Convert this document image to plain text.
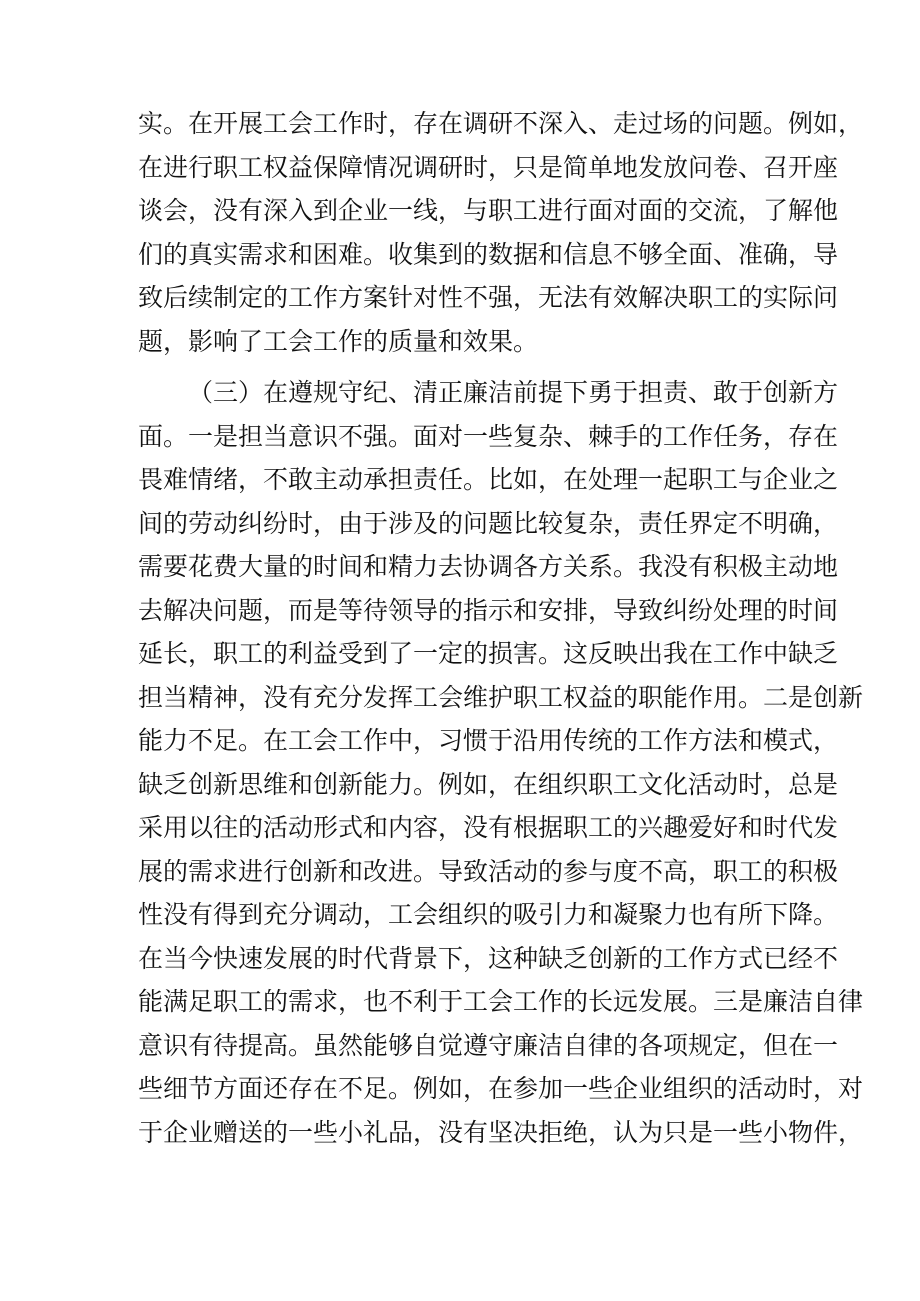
实。在开展工会工作时，存在调研不深入、走过场的问题。例如，
在进行职工权益保障情况调研时，只是简单地发放问卷、召开座
谈会，没有深入到企业一线，与职工进行面对面的交流，了解他
们的真实需求和困难。收集到的数据和信息不够全面、准确，导
致后续制定的工作方案针对性不强，无法有效解决职工的实际问
题，影响了工会工作的质量和效果。
（三）在遵规守纪、清正廉洁前提下勇于担责、敢于创新方
面。一是担当意识不强。面对一些复杂、棘手的工作任务，存在
畏难情绪，不敢主动承担责任。比如，在处理一起职工与企业之
间的劳动纠纷时，由于涉及的问题比较复杂，责任界定不明确，
需要花费大量的时间和精力去协调各方关系。我没有积极主动地
去解决问题，而是等待领导的指示和安排，导致纠纷处理的时间
延长，职工的利益受到了一定的损害。这反映出我在工作中缺乏
担当精神，没有充分发挥工会维护职工权益的职能作用。二是创新
能力不足。在工会工作中，习惯于沿用传统的工作方法和模式，
缺乏创新思维和创新能力。例如，在组织职工文化活动时，总是
采用以往的活动形式和内容，没有根据职工的兴趣爱好和时代发
展的需求进行创新和改进。导致活动的参与度不高，职工的积极
性没有得到充分调动，工会组织的吸引力和凝聚力也有所下降。
在当今快速发展的时代背景下，这种缺乏创新的工作方式已经不
能满足职工的需求，也不利于工会工作的长远发展。三是廉洁自律
意识有待提高。虽然能够自觉遵守廉洁自律的各项规定，但在一
些细节方面还存在不足。例如，在参加一些企业组织的活动时，对
于企业赠送的一些小礼品，没有坚决拒绝，认为只是一些小物件，
